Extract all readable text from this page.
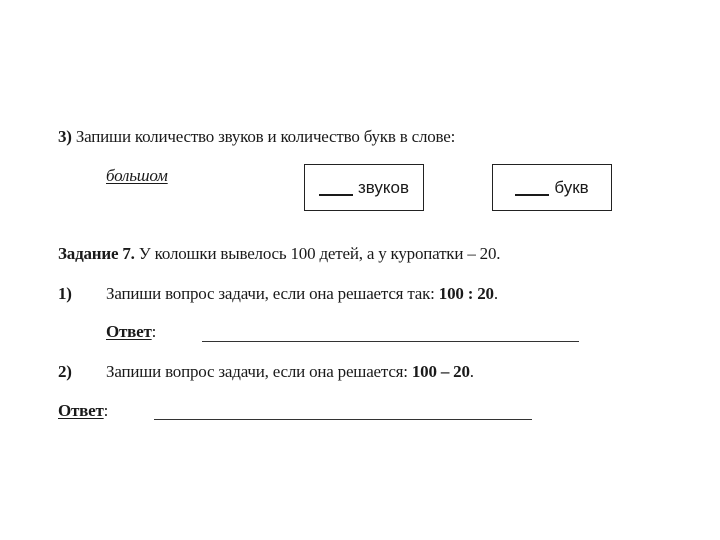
3) Запиши количество звуков и количество букв в слове:
большом
звуков	букв
Задание 7. У колошки вывелось 100 детей, а у куропатки – 20.
1) Запиши вопрос задачи, если она решается так: 100 : 20.
Ответ:
2) Запиши вопрос задачи, если она решается: 100 – 20.
Ответ:
